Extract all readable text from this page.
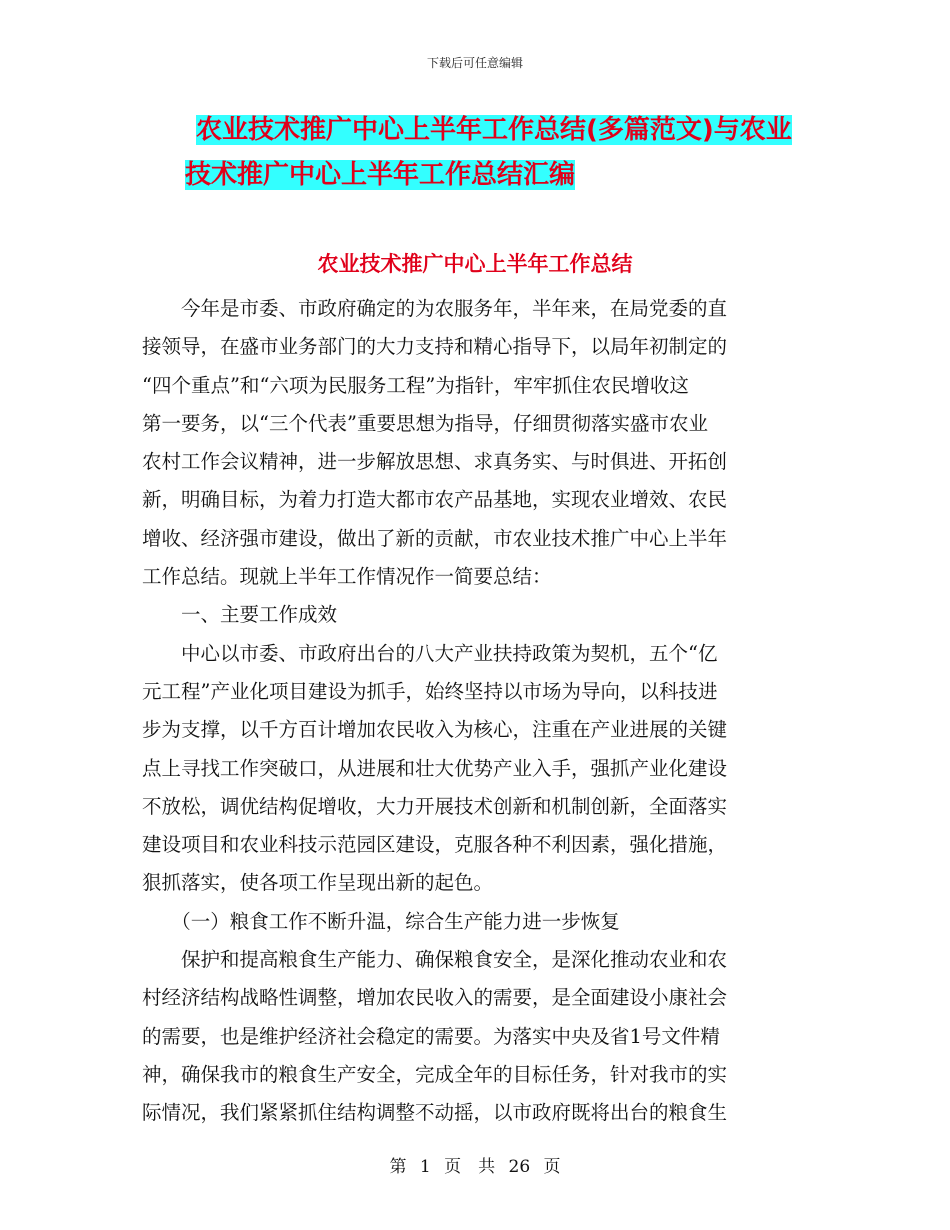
下载后可任意编辑
农业技术推广中心上半年工作总结(多篇范文)与农业
技术推广中心上半年工作总结汇编
农业技术推广中心上半年工作总结

　　今年是市委、市政府确定的为农服务年，半年来，在局党委的直

接领导，在盛市业务部门的大力支持和精心指导下，以局年初制定的

“四个重点”和“六项为民服务工程”为指针，牢牢抓住农民增收这

第一要务，以“三个代表”重要思想为指导，仔细贯彻落实盛市农业

农村工作会议精神，进一步解放思想、求真务实、与时俱进、开拓创

新，明确目标，为着力打造大都市农产品基地，实现农业增效、农民

增收、经济强市建设，做出了新的贡献，市农业技术推广中心上半年

工作总结。现就上半年工作情况作一简要总结：

　　一、主要工作成效

　　中心以市委、市政府出台的八大产业扶持政策为契机，五个“亿

元工程”产业化项目建设为抓手，始终坚持以市场为导向，以科技进

步为支撑，以千方百计增加农民收入为核心，注重在产业进展的关键

点上寻找工作突破口，从进展和壮大优势产业入手，强抓产业化建设

不放松，调优结构促增收，大力开展技术创新和机制创新，全面落实

建设项目和农业科技示范园区建设，克服各种不利因素，强化措施，

狠抓落实，使各项工作呈现出新的起色。

　　（一）粮食工作不断升温，综合生产能力进一步恢复

　　保护和提高粮食生产能力、确保粮食安全，是深化推动农业和农

村经济结构战略性调整，增加农民收入的需要，是全面建设小康社会

的需要，也是维护经济社会稳定的需要。为落实中央及省1号文件精

神，确保我市的粮食生产安全，完成全年的目标任务，针对我市的实

际情况，我们紧紧抓住结构调整不动摇，以市政府既将出台的粮食生

第 1 页　共 26 页
